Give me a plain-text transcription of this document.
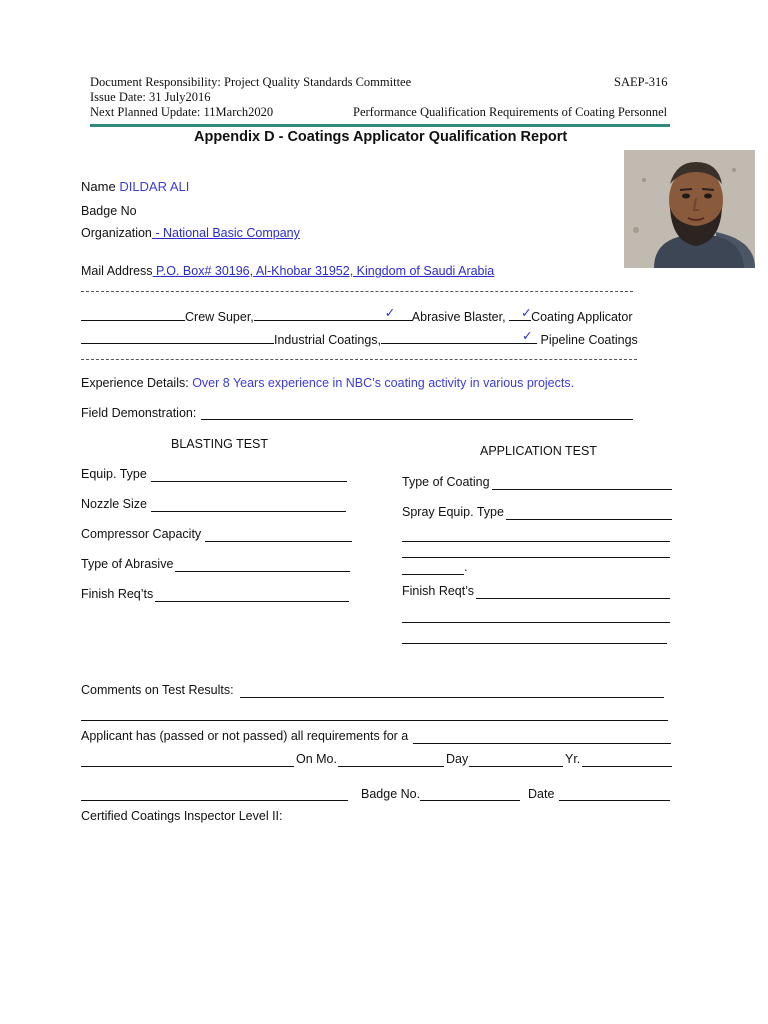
Document Responsibility: Project Quality Standards Committee	SAEP-316
Issue Date: 31 July2016
Next Planned Update: 11March2020	Performance Qualification Requirements of Coating Personnel
Appendix D - Coatings Applicator Qualification Report
Name DILDAR ALI
Badge No
Organization - National Basic Company
Mail Address P.O. Box# 30196, Al-Khobar 31952, Kingdom of Saudi Arabia
Crew Super,	✓ Abrasive Blaster, ✓ Coating Applicator
Industrial Coatings,	✓ Pipeline Coatings
Experience Details: Over 8 Years experience in NBC’s coating activity in various projects.
Field Demonstration:
BLASTING TEST
Equip. Type
Nozzle Size
Compressor Capacity
Type of Abrasive
Finish Req’ts
APPLICATION TEST
Type of Coating
Spray Equip. Type
.
Finish Reqt’s
Comments on Test Results:
Applicant has (passed or not passed) all requirements for a
On Mo.	Day	Yr.
Badge No.	Date
Certified Coatings Inspector Level II:
